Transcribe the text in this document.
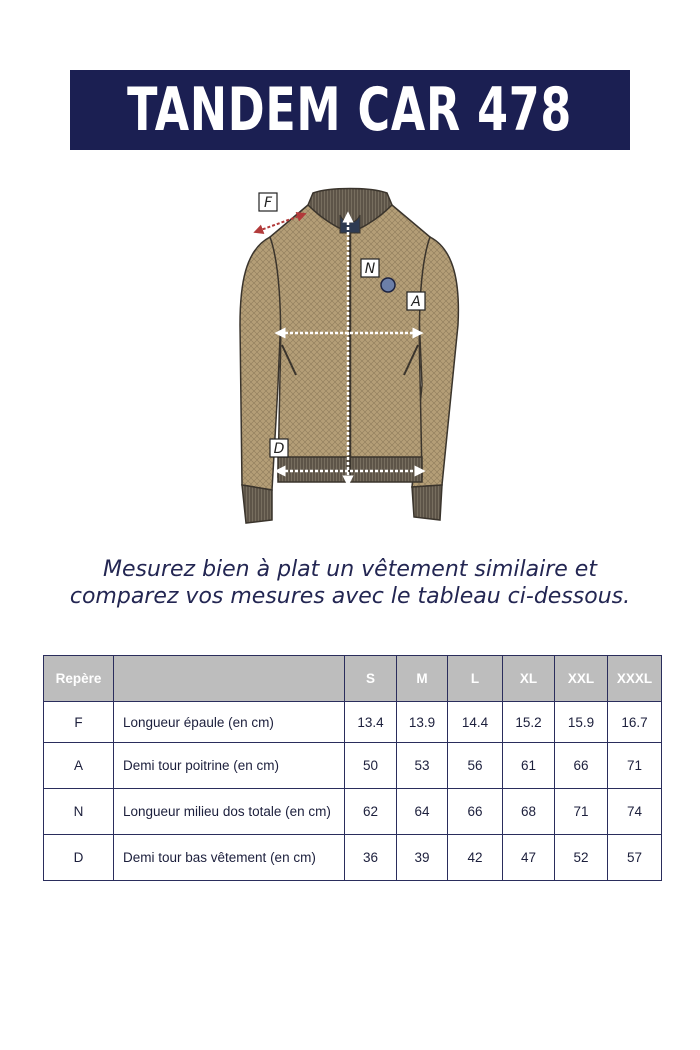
TANDEM CAR 478
F
N
A
D
Mesurez bien à plat un vêtement similaire et
comparez vos mesures avec le tableau ci-dessous.
Repère		S	M	L	XL	XXL	XXXL
F	Longueur épaule (en cm)	13.4	13.9	14.4	15.2	15.9	16.7
A	Demi tour poitrine (en cm)	50	53	56	61	66	71
N	Longueur milieu dos totale (en cm)	62	64	66	68	71	74
D	Demi tour bas vêtement (en cm)	36	39	42	47	52	57
